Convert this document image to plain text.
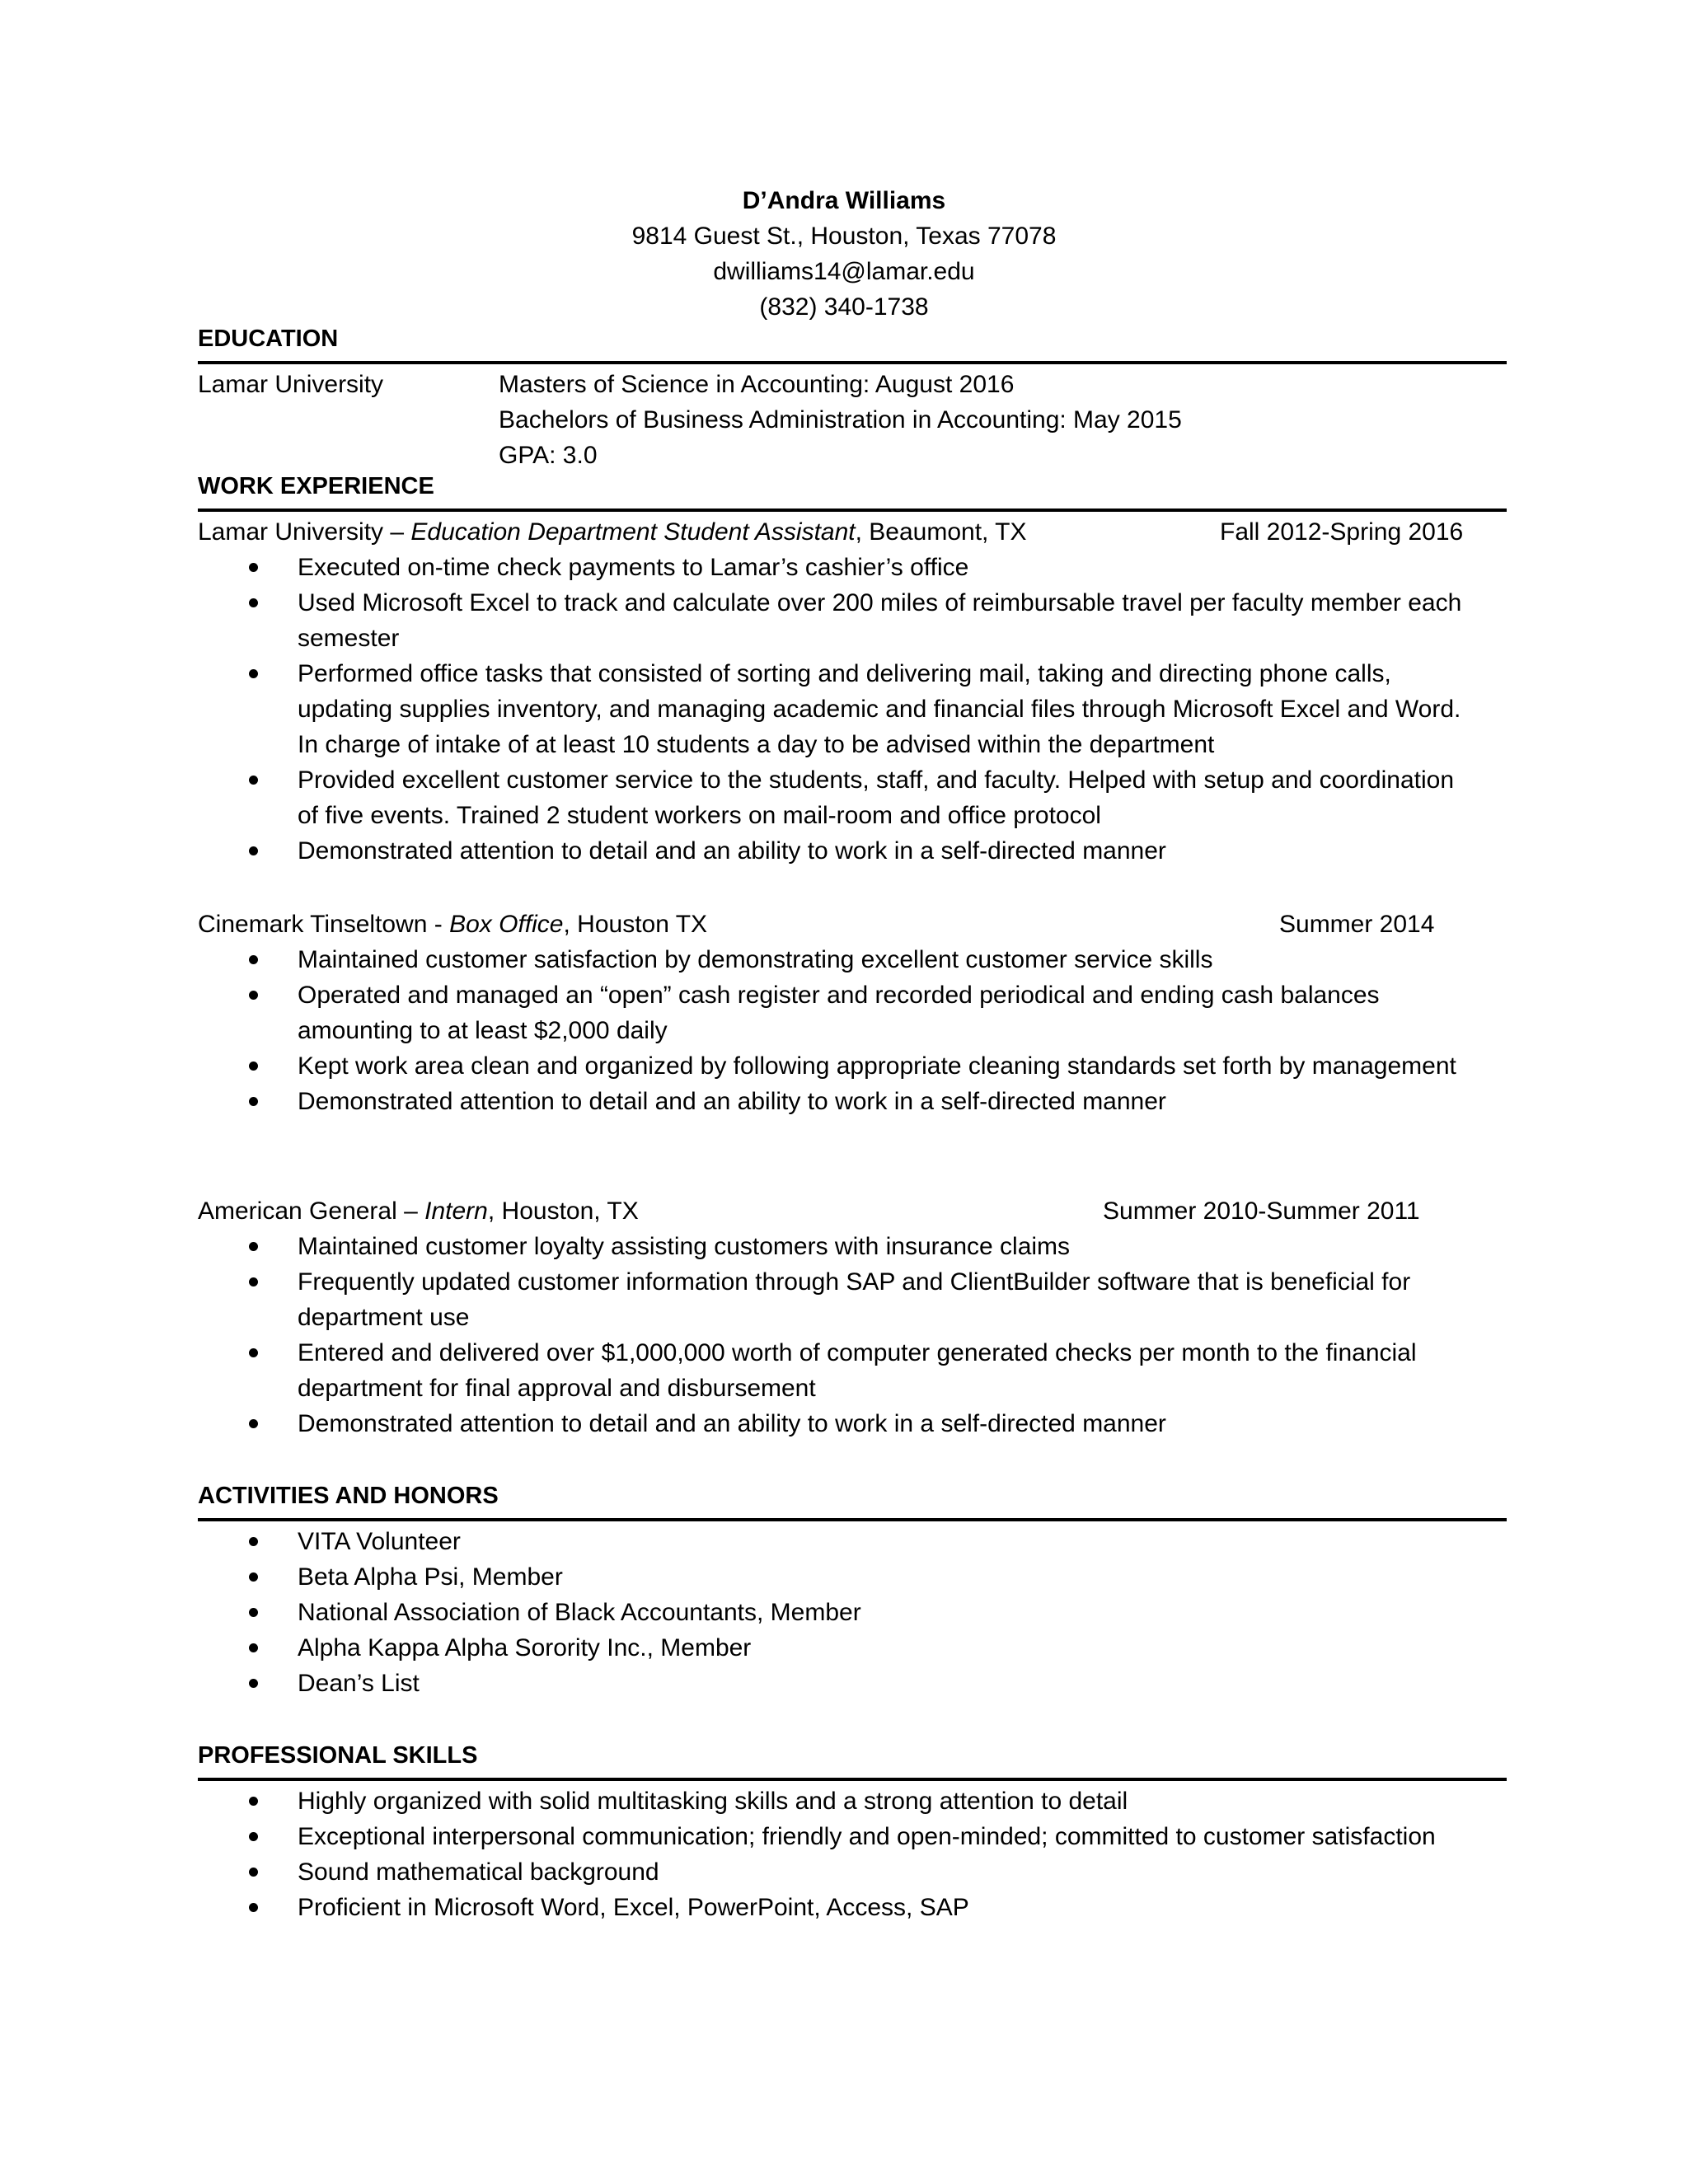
D’Andra Williams
9814 Guest St., Houston, Texas 77078
dwilliams14@lamar.edu
(832) 340-1738
EDUCATION
Lamar University	Masters of Science in Accounting: August 2016
Bachelors of Business Administration in Accounting: May 2015
GPA: 3.0
WORK EXPERIENCE
Lamar University – Education Department Student Assistant, Beaumont, TX	Fall 2012-Spring 2016
Executed on-time check payments to Lamar’s cashier’s office
Used Microsoft Excel to track and calculate over 200 miles of reimbursable travel per faculty member each semester
Performed office tasks that consisted of sorting and delivering mail, taking and directing phone calls, updating supplies inventory, and managing academic and financial files through Microsoft Excel and Word. In charge of intake of at least 10 students a day to be advised within the department
Provided excellent customer service to the students, staff, and faculty. Helped with setup and coordination of five events. Trained 2 student workers on mail-room and office protocol
Demonstrated attention to detail and an ability to work in a self-directed manner
Cinemark Tinseltown - Box Office, Houston TX	Summer 2014
Maintained customer satisfaction by demonstrating excellent customer service skills
Operated and managed an “open” cash register and recorded periodical and ending cash balances amounting to at least $2,000 daily
Kept work area clean and organized by following appropriate cleaning standards set forth by management
Demonstrated attention to detail and an ability to work in a self-directed manner
American General – Intern, Houston, TX	Summer 2010-Summer 2011
Maintained customer loyalty assisting customers with insurance claims
Frequently updated customer information through SAP and ClientBuilder software that is beneficial for department use
Entered and delivered over $1,000,000 worth of computer generated checks per month to the financial department for final approval and disbursement
Demonstrated attention to detail and an ability to work in a self-directed manner
ACTIVITIES AND HONORS
VITA Volunteer
Beta Alpha Psi, Member
National Association of Black Accountants, Member
Alpha Kappa Alpha Sorority Inc., Member
Dean’s List
PROFESSIONAL SKILLS
Highly organized with solid multitasking skills and a strong attention to detail
Exceptional interpersonal communication; friendly and open-minded; committed to customer satisfaction
Sound mathematical background
Proficient in Microsoft Word, Excel, PowerPoint, Access, SAP
